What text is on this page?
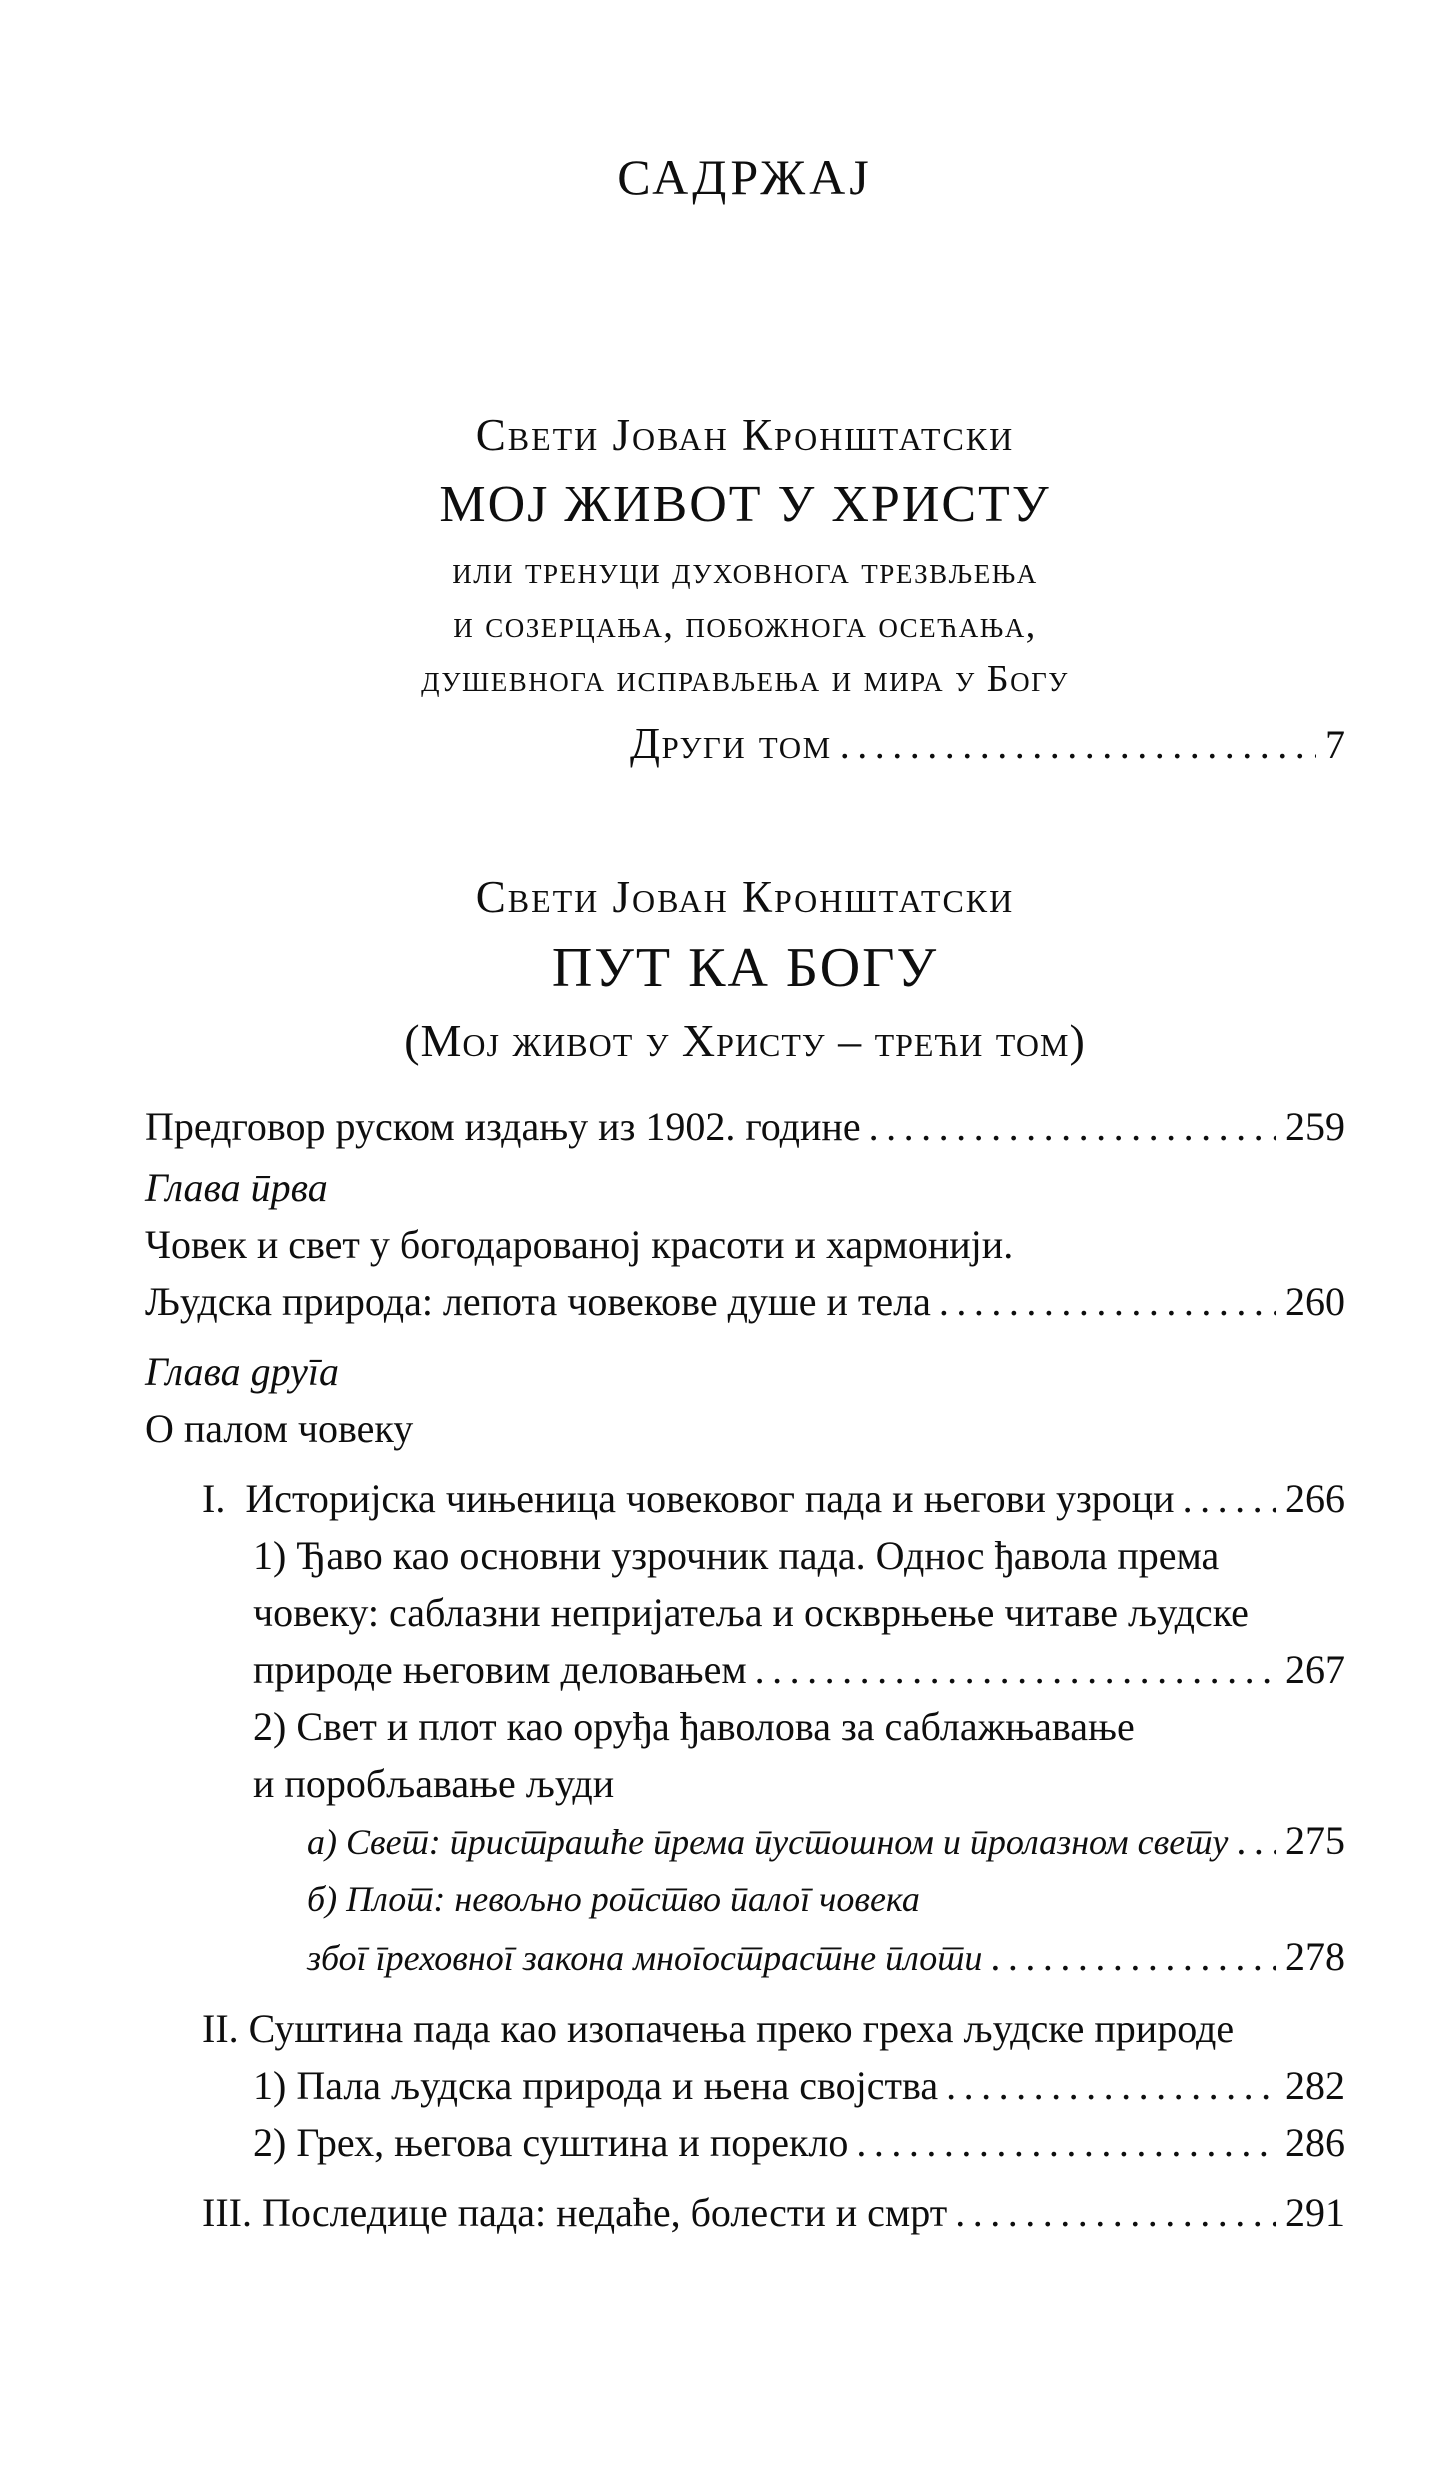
САДРЖАЈ
Свети Јован Кронштатски
МОЈ ЖИВОТ У ХРИСТУ
или тренуци духовнога трезвљења
и созерцања, побожнога осећања,
душевнога исправљења и мира у Богу
Други том .....	7
Свети Јован Кронштатски
ПУТ КА БОГУ
(Мој живот у Христу – трећи том)
Предговор руском издању из 1902. године .....	259
Глава прва
Човек и свет у богодарованој красоти и хармонији.
Људска природа: лепота човекове душе и тела .....	260
Глава друга
О палом човеку
I.  Историјска чињеница човековог пада и његови узроци .....	266
1) Ђаво као основни узрочник пада. Однос ђавола према
човеку: саблазни непријатеља и оскврњење читаве људске
природе његовим деловањем .....	267
2) Свет и плот као оруђа ђаволова за саблажњавање
и поробљавање људи
а) Свет: пристрашће према пустошном и пролазном свету ..... 275
б) Плот: невољно ропство палог човека
због греховног закона многострастне плоти .....	278
II. Суштина пада као изопачења преко греха људске природе
1) Пала људска природа и њена својства .....	282
2) Грех, његова суштина и порекло .....	286
III. Последице пада: недаће, болести и смрт .....	291
